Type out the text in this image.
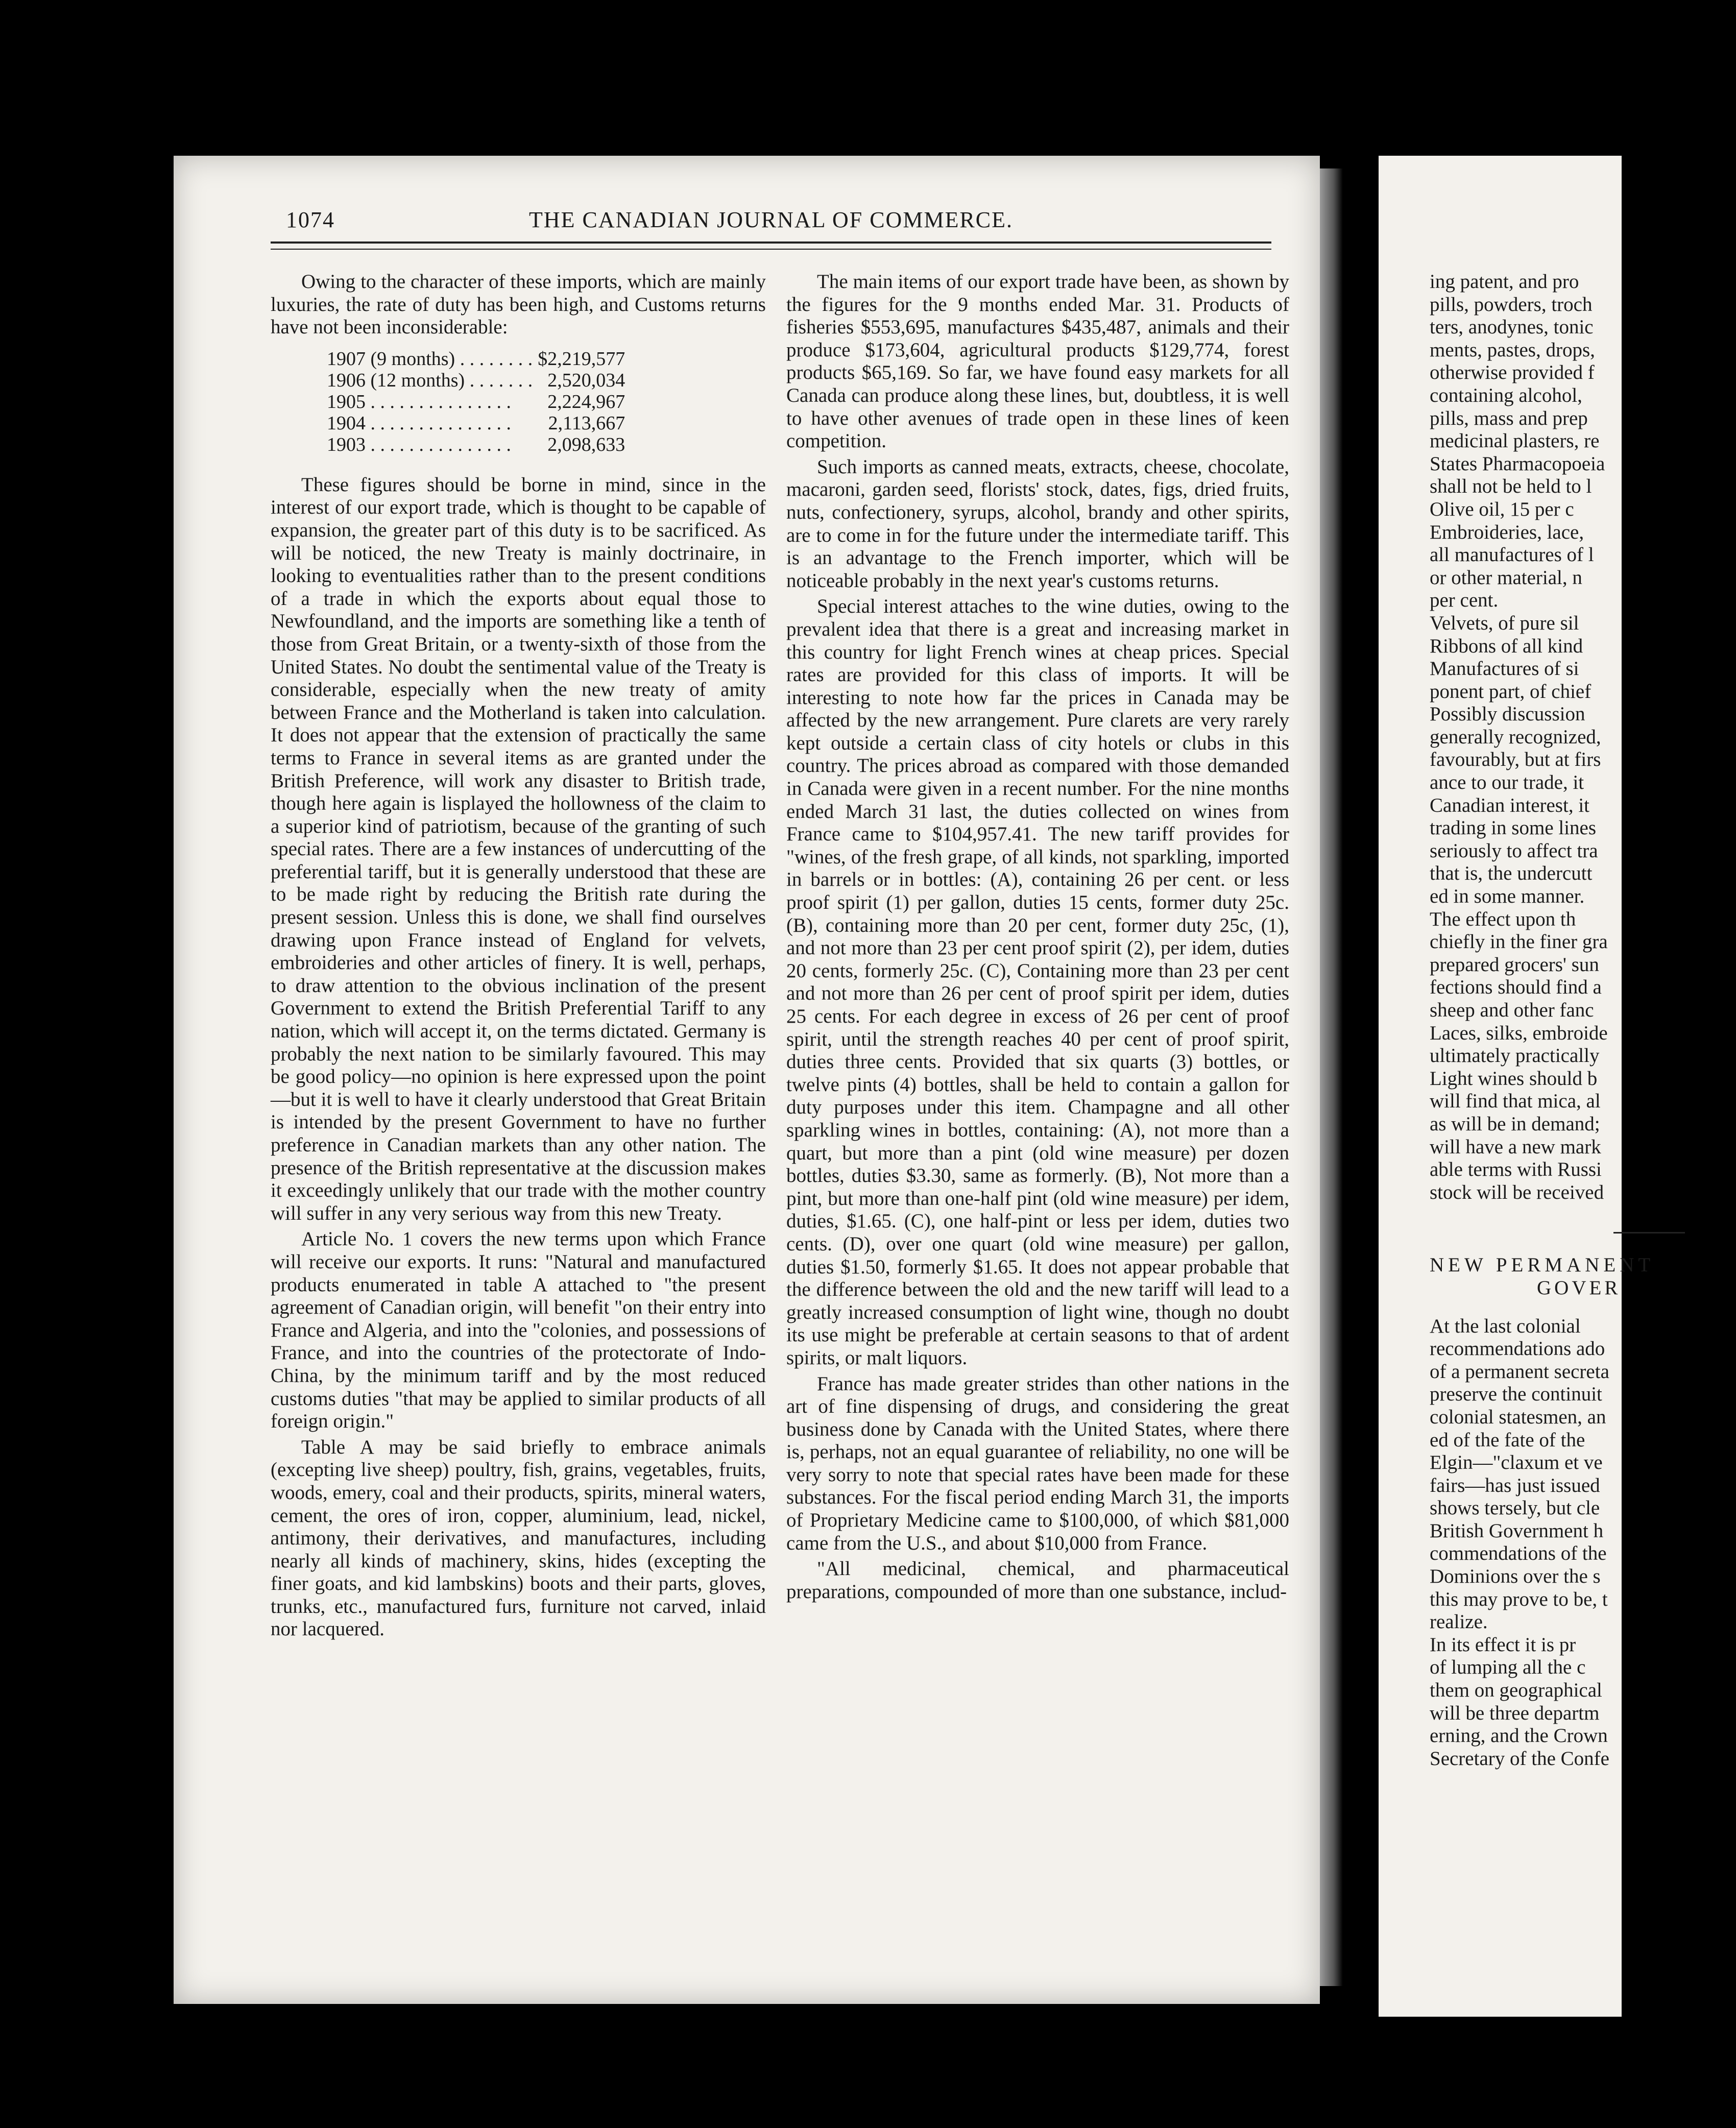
1074	THE CANADIAN JOURNAL OF COMMERCE.

Owing to the character of these imports, which are mainly luxuries, the rate of duty has been high, and Customs returns have not been inconsiderable:

1907 (9 months) . . . . . . . .	$2,219,577
1906 (12 months) . . . . . . .	2,520,034
1905 . . . . . . . . . . . . . . .	2,224,967
1904 . . . . . . . . . . . . . . .	2,113,667
1903 . . . . . . . . . . . . . . .	2,098,633

These figures should be borne in mind, since in the interest of our export trade, which is thought to be capable of expansion, the greater part of this duty is to be sacrificed. As will be noticed, the new Treaty is mainly doctrinaire, in looking to eventualities rather than to the present conditions of a trade in which the exports about equal those to Newfoundland, and the imports are something like a tenth of those from Great Britain, or a twenty-sixth of those from the United States. No doubt the sentimental value of the Treaty is considerable, especially when the new treaty of amity between France and the Motherland is taken into calculation. It does not appear that the extension of practically the same terms to France in several items as are granted under the British Preference, will work any disaster to British trade, though here again is lisplayed the hollowness of the claim to a superior kind of patriotism, because of the granting of such special rates. There are a few instances of undercutting of the preferential tariff, but it is generally understood that these are to be made right by reducing the British rate during the present session. Unless this is done, we shall find ourselves drawing upon France instead of England for velvets, embroideries and other articles of finery. It is well, perhaps, to draw attention to the obvious inclination of the present Government to extend the British Preferential Tariff to any nation, which will accept it, on the terms dictated. Germany is probably the next nation to be similarly favoured. This may be good policy—no opinion is here expressed upon the point —but it is well to have it clearly understood that Great Britain is intended by the present Government to have no further preference in Canadian markets than any other nation. The presence of the British representative at the discussion makes it exceedingly unlikely that our trade with the mother country will suffer in any very serious way from this new Treaty.

Article No. 1 covers the new terms upon which France will receive our exports. It runs: "Natural and manufactured products enumerated in table A attached to "the present agreement of Canadian origin, will benefit "on their entry into France and Algeria, and into the "colonies, and possessions of France, and into the countries of the protectorate of Indo-China, by the minimum tariff and by the most reduced customs duties "that may be applied to similar products of all foreign origin."

Table A may be said briefly to embrace animals (excepting live sheep) poultry, fish, grains, vegetables, fruits, woods, emery, coal and their products, spirits, mineral waters, cement, the ores of iron, copper, aluminium, lead, nickel, antimony, their derivatives, and manufactures, including nearly all kinds of machinery, skins, hides (excepting the finer goats, and kid lambskins) boots and their parts, gloves, trunks, etc., manufactured furs, furniture not carved, inlaid nor lacquered.

The main items of our export trade have been, as shown by the figures for the 9 months ended Mar. 31. Products of fisheries $553,695, manufactures $435,487, animals and their produce $173,604, agricultural products $129,774, forest products $65,169. So far, we have found easy markets for all Canada can produce along these lines, but, doubtless, it is well to have other avenues of trade open in these lines of keen competition.

Such imports as canned meats, extracts, cheese, chocolate, macaroni, garden seed, florists' stock, dates, figs, dried fruits, nuts, confectionery, syrups, alcohol, brandy and other spirits, are to come in for the future under the intermediate tariff. This is an advantage to the French importer, which will be noticeable probably in the next year's customs returns.

Special interest attaches to the wine duties, owing to the prevalent idea that there is a great and increasing market in this country for light French wines at cheap prices. Special rates are provided for this class of imports. It will be interesting to note how far the prices in Canada may be affected by the new arrangement. Pure clarets are very rarely kept outside a certain class of city hotels or clubs in this country. The prices abroad as compared with those demanded in Canada were given in a recent number. For the nine months ended March 31 last, the duties collected on wines from France came to $104,957.41. The new tariff provides for "wines, of the fresh grape, of all kinds, not sparkling, imported in barrels or in bottles: (A), containing 26 per cent. or less proof spirit (1) per gallon, duties 15 cents, former duty 25c. (B), containing more than 20 per cent, former duty 25c, (1), and not more than 23 per cent proof spirit (2), per idem, duties 20 cents, formerly 25c. (C), Containing more than 23 per cent and not more than 26 per cent of proof spirit per idem, duties 25 cents. For each degree in excess of 26 per cent of proof spirit, until the strength reaches 40 per cent of proof spirit, duties three cents. Provided that six quarts (3) bottles, or twelve pints (4) bottles, shall be held to contain a gallon for duty purposes under this item. Champagne and all other sparkling wines in bottles, containing: (A), not more than a quart, but more than a pint (old wine measure) per dozen bottles, duties $3.30, same as formerly. (B), Not more than a pint, but more than one-half pint (old wine measure) per idem, duties, $1.65. (C), one half-pint or less per idem, duties two cents. (D), over one quart (old wine measure) per gallon, duties $1.50, formerly $1.65. It does not appear probable that the difference between the old and the new tariff will lead to a greatly increased consumption of light wine, though no doubt its use might be preferable at certain seasons to that of ardent spirits, or malt liquors.

France has made greater strides than other nations in the art of fine dispensing of drugs, and considering the great business done by Canada with the United States, where there is, perhaps, not an equal guarantee of reliability, no one will be very sorry to note that special rates have been made for these substances. For the fiscal period ending March 31, the imports of Proprietary Medicine came to $100,000, of which $81,000 came from the U.S., and about $10,000 from France.

"All medicinal, chemical, and pharmaceutical preparations, compounded of more than one substance, includ-

ing patent, and pro

pills, powders, troch

ters, anodynes, tonic

ments, pastes, drops,

otherwise provided f

containing alcohol,

pills, mass and prep

medicinal plasters, re

States Pharmacopoeia

shall not be held to l

Olive oil, 15 per c

Embroideries, lace,

all manufactures of l

or other material, n

per cent.

Velvets, of pure sil

Ribbons of all kind

Manufactures of si

ponent part, of chief

Possibly discussion

generally recognized,

favourably, but at firs

ance to our trade, it

Canadian interest, it

trading in some lines

seriously to affect tra

that is, the undercutt

ed in some manner.

The effect upon th

chiefly in the finer gra

prepared grocers' sun

fections should find a

sheep and other fanc

Laces, silks, embroide

ultimately practically

Light wines should b

will find that mica, al

as will be in demand;

will have a new mark

able terms with Russi

stock will be received

NEW PERMANENT

GOVER

At the last colonial

recommendations ado

of a permanent secreta

preserve the continuit

colonial statesmen, an

ed of the fate of the

Elgin—"claxum et ve

fairs—has just issued

shows tersely, but cle

British Government h

commendations of the

Dominions over the s

this may prove to be, t

realize.

In its effect it is pr

of lumping all the c

them on geographical

will be three departm

erning, and the Crown

Secretary of the Confe
